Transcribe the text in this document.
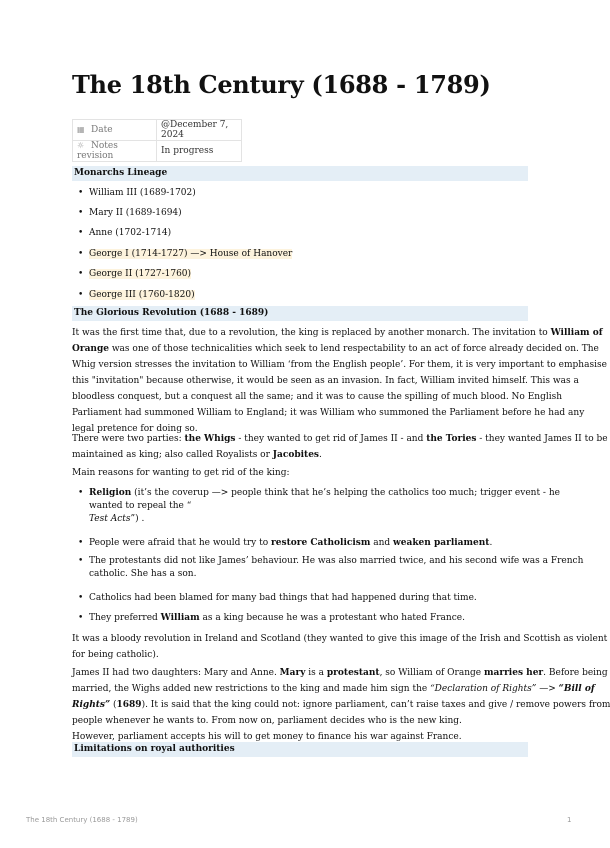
The 18th Century (1688 - 1789)
▦ Date	@December 7, 2024
☼ Notes revision	In progress
Monarchs Lineage
• William III (1689-1702)
• Mary II (1689-1694)
• Anne (1702-1714)
• George I (1714-1727) —> House of Hanover
• George II (1727-1760)
• George III (1760-1820)
The Glorious Revolution (1688 - 1689)
It was the first time that, due to a revolution, the king is replaced by another monarch. The invitation to William of
Orange was one of those technicalities which seek to lend respectability to an act of force already decided on. The
Whig version stresses the invitation to William ‘from the English people’. For them, it is very important to emphasise
this "invitation" because otherwise, it would be seen as an invasion. In fact, William invited himself. This was a
bloodless conquest, but a conquest all the same; and it was to cause the spilling of much blood. No English
Parliament had summoned William to England; it was William who summoned the Parliament before he had any
legal pretence for doing so.
There were two parties: the Whigs - they wanted to get rid of James II - and the Tories - they wanted James II to be
maintained as king; also called Royalists or Jacobites.
Main reasons for wanting to get rid of the king:
• Religion (it’s the coverup —> people think that he’s helping the catholics too much; trigger event - he
wanted to repeal the “
Test Acts”) .
• People were afraid that he would try to restore Catholicism and weaken parliament.
• The protestants did not like James’ behaviour. He was also married twice, and his second wife was a French
catholic. She has a son.
• Catholics had been blamed for many bad things that had happened during that time.
• They preferred William as a king because he was a protestant who hated France.
It was a bloody revolution in Ireland and Scotland (they wanted to give this image of the Irish and Scottish as violent
for being catholic).
James II had two daughters: Mary and Anne. Mary is a protestant, so William of Orange marries her. Before being
married, the Wighs added new restrictions to the king and made him sign the “Declaration of Rights” —> “Bill of
Rights” (1689). It is said that the king could not: ignore parliament, can’t raise taxes and give / remove powers from
people whenever he wants to. From now on, parliament decides who is the new king.
However, parliament accepts his will to get money to finance his war against France.
Limitations on royal authorities
The 18th Century (1688 - 1789)	1
